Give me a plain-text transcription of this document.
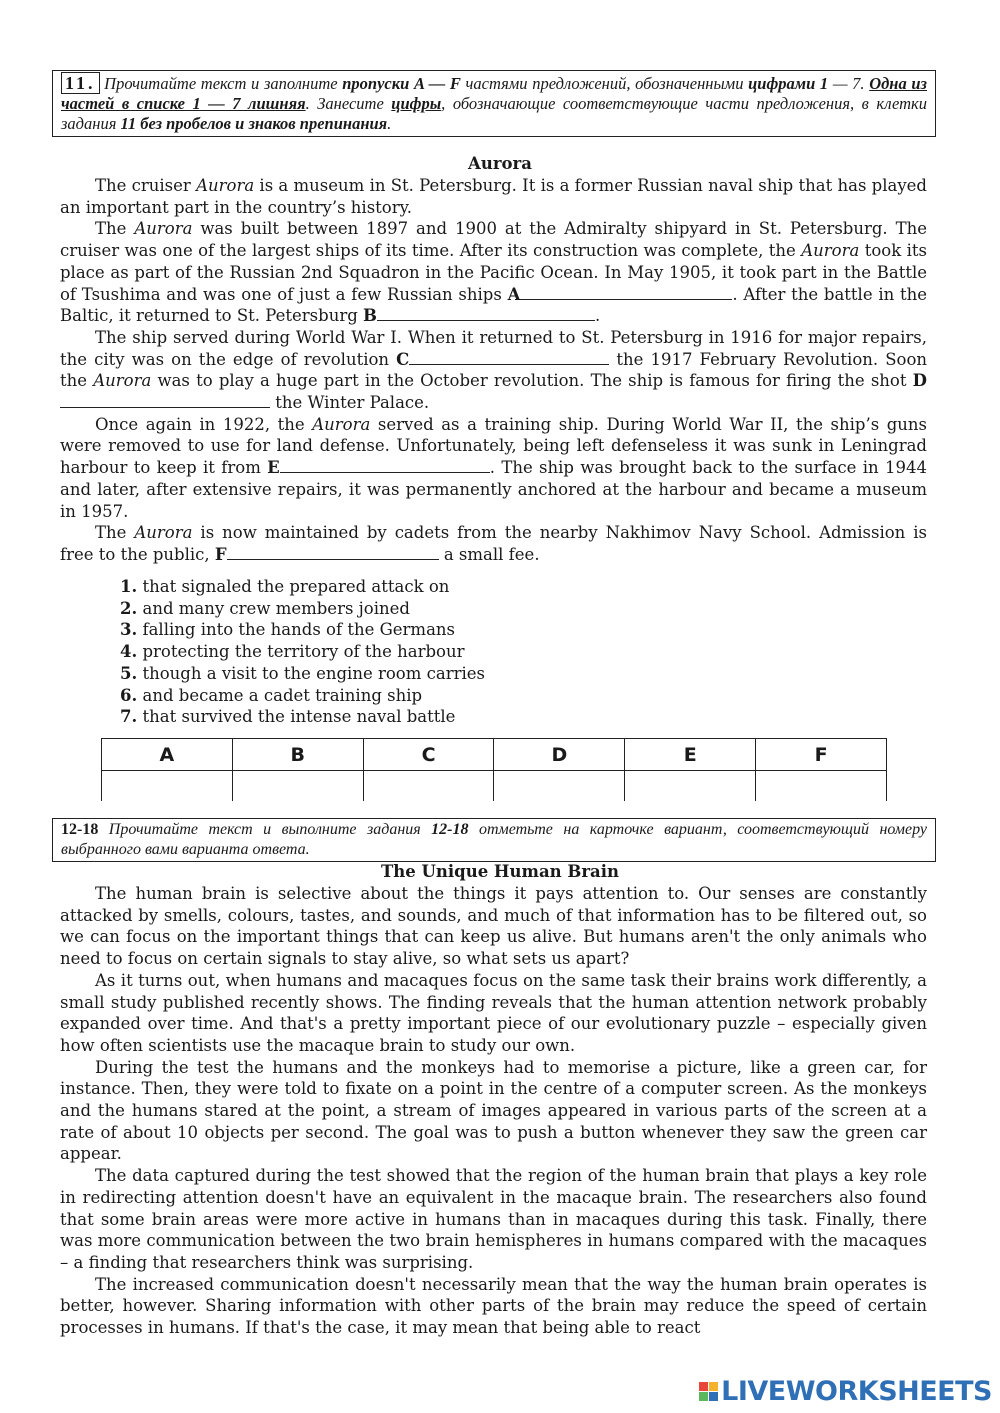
11. Прочитайте текст и заполните пропуски A — F частями предложений, обозначенными цифрами 1 — 7. Одна из частей в списке 1 — 7 лишняя. Занесите цифры, обозначающие соответствующие части предложения, в клетки задания 11 без пробелов и знаков препинания.
Aurora

The cruiser Aurora is a museum in St. Petersburg. It is a former Russian naval ship that has played an important part in the country’s history.

The Aurora was built between 1897 and 1900 at the Admiralty shipyard in St. Petersburg. The cruiser was one of the largest ships of its time. After its construction was complete, the Aurora took its place as part of the Russian 2nd Squadron in the Pacific Ocean. In May 1905, it took part in the Battle of Tsushima and was one of just a few Russian ships A	. After the battle in the Baltic, it returned to St. Petersburg B	.

The ship served during World War I. When it returned to St. Petersburg in 1916 for major repairs, the city was on the edge of revolution C	the 1917 February Revolution. Soon the Aurora was to play a huge part in the October revolution. The ship is famous for firing the shot D the Winter Palace.

Once again in 1922, the Aurora served as a training ship. During World War II, the ship’s guns were removed to use for land defense. Unfortunately, being left defenseless it was sunk in Leningrad harbour to keep it from E	. The ship was brought back to the surface in 1944 and later, after extensive repairs, it was permanently anchored at the harbour and became a museum in 1957.

The Aurora is now maintained by cadets from the nearby Nakhimov Navy School. Admission is free to the public, F	a small fee.

1. that signaled the prepared attack on
2. and many crew members joined
3. falling into the hands of the Germans
4. protecting the territory of the harbour
5. though a visit to the engine room carries
6. and became a cadet training ship
7. that survived the intense naval battle
A	B	C	D	E	F

12-18 Прочитайте текст и выполните задания 12-18 отметьте на карточке вариант, соответствующий номеру выбранного вами варианта ответа.
The Unique Human Brain

The human brain is selective about the things it pays attention to. Our senses are constantly attacked by smells, colours, tastes, and sounds, and much of that information has to be filtered out, so we can focus on the important things that can keep us alive. But humans aren't the only animals who need to focus on certain signals to stay alive, so what sets us apart?

As it turns out, when humans and macaques focus on the same task their brains work differently, a small study published recently shows. The finding reveals that the human attention network probably expanded over time. And that's a pretty important piece of our evolutionary puzzle – especially given how often scientists use the macaque brain to study our own.

During the test the humans and the monkeys had to memorise a picture, like a green car, for instance. Then, they were told to fixate on a point in the centre of a computer screen. As the monkeys and the humans stared at the point, a stream of images appeared in various parts of the screen at a rate of about 10 objects per second. The goal was to push a button whenever they saw the green car appear.

The data captured during the test showed that the region of the human brain that plays a key role in redirecting attention doesn't have an equivalent in the macaque brain. The researchers also found that some brain areas were more active in humans than in macaques during this task. Finally, there was more communication between the two brain hemispheres in humans compared with the macaques – a finding that researchers think was surprising.

The increased communication doesn't necessarily mean that the way the human brain operates is better, however. Sharing information with other parts of the brain may reduce the speed of certain processes in humans. If that's the case, it may mean that being able to react

LIVEWORKSHEETS
